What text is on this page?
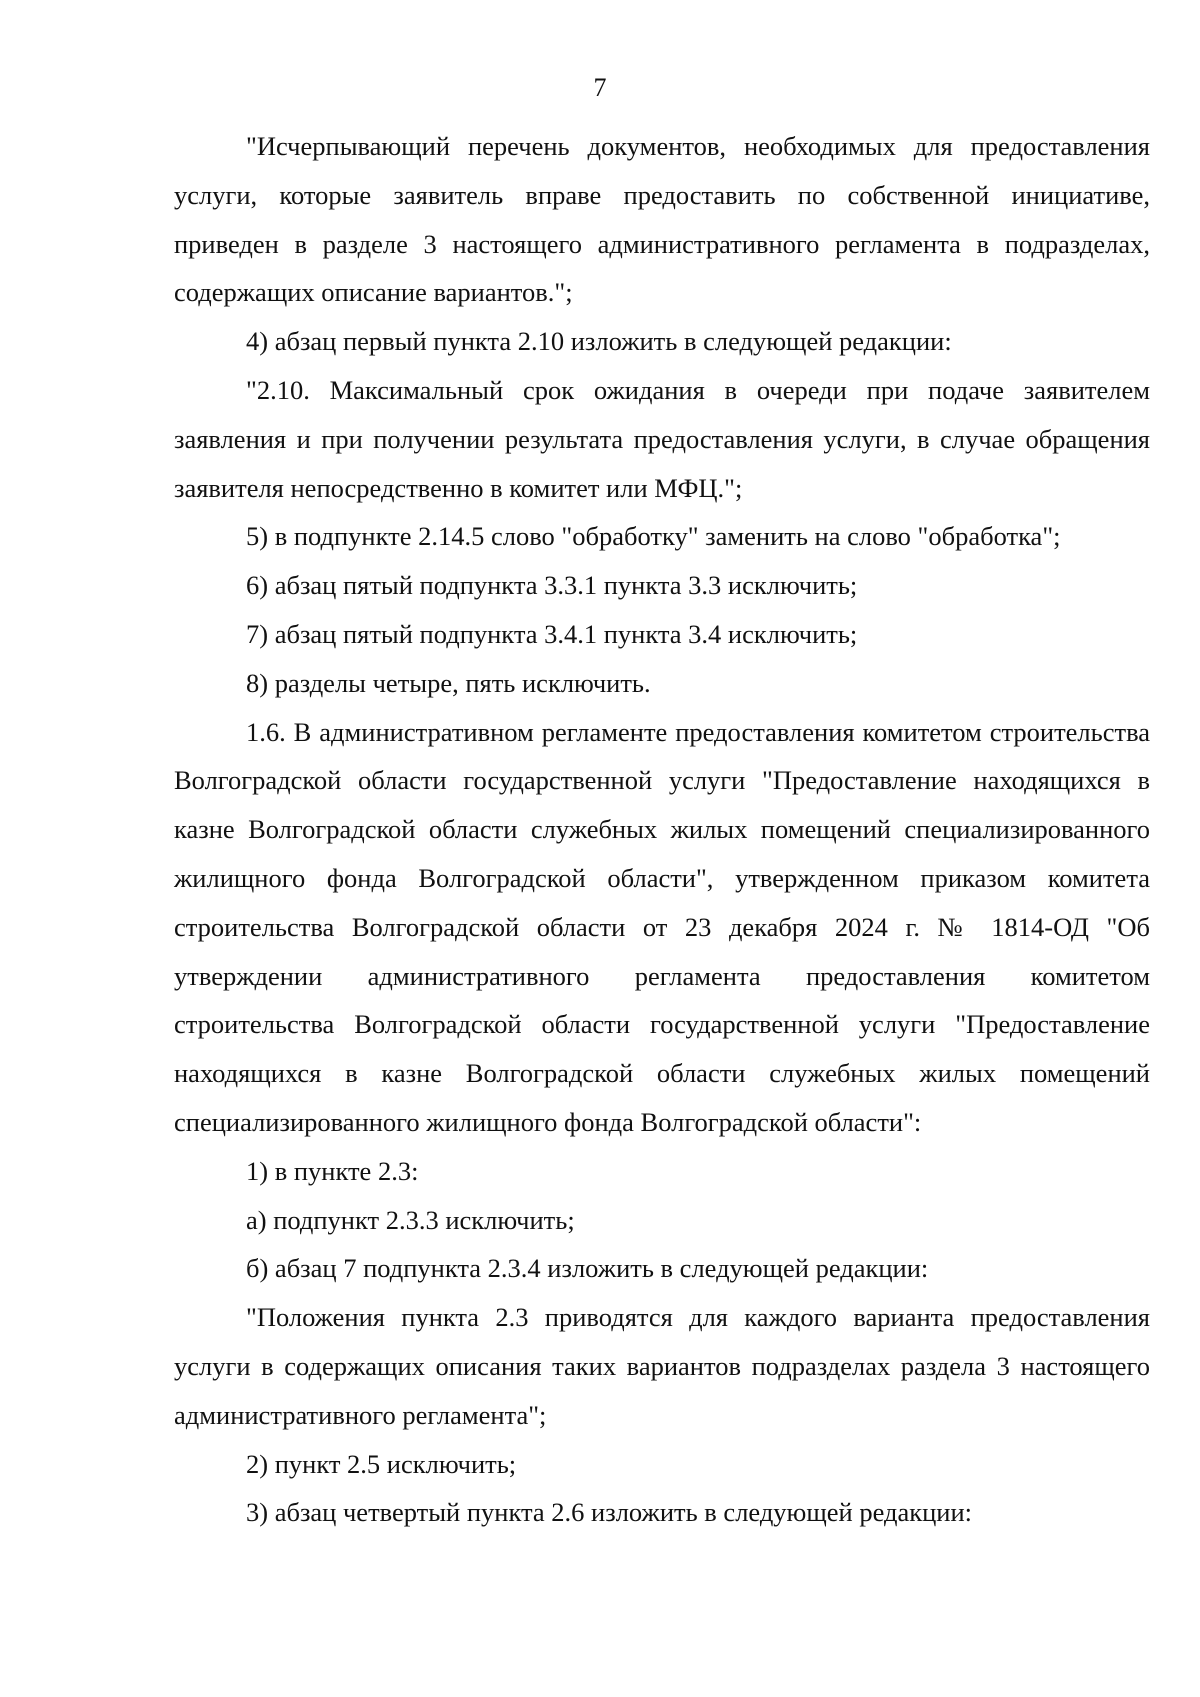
7

"Исчерпывающий перечень документов, необходимых для предоставления услуги, которые заявитель вправе предоставить по собственной инициативе, приведен в разделе 3 настоящего административного регламента в подразделах, содержащих описание вариантов.";

4) абзац первый пункта 2.10 изложить в следующей редакции:

"2.10. Максимальный срок ожидания в очереди при подаче заявителем заявления и при получении результата предоставления услуги, в случае обращения заявителя непосредственно в комитет или МФЦ.";

5) в подпункте 2.14.5 слово "обработку" заменить на слово "обработка";

6) абзац пятый подпункта 3.3.1 пункта 3.3 исключить;

7) абзац пятый подпункта 3.4.1 пункта 3.4 исключить;

8) разделы четыре, пять исключить.

1.6. В административном регламенте предоставления комитетом строительства Волгоградской области государственной услуги "Предоставление находящихся в казне Волгоградской области служебных жилых помещений специализированного жилищного фонда Волгоградской области", утвержденном приказом комитета строительства Волгоградской области от 23 декабря 2024 г. № 1814-ОД "Об утверждении административного регламента предоставления комитетом строительства Волгоградской области государственной услуги "Предоставление находящихся в казне Волгоградской области служебных жилых помещений специализированного жилищного фонда Волгоградской области":

1) в пункте 2.3:

а) подпункт 2.3.3 исключить;

б) абзац 7 подпункта 2.3.4 изложить в следующей редакции:

"Положения пункта 2.3 приводятся для каждого варианта предоставления услуги в содержащих описания таких вариантов подразделах раздела 3 настоящего административного регламента";

2) пункт 2.5 исключить;

3) абзац четвертый пункта 2.6 изложить в следующей редакции:
